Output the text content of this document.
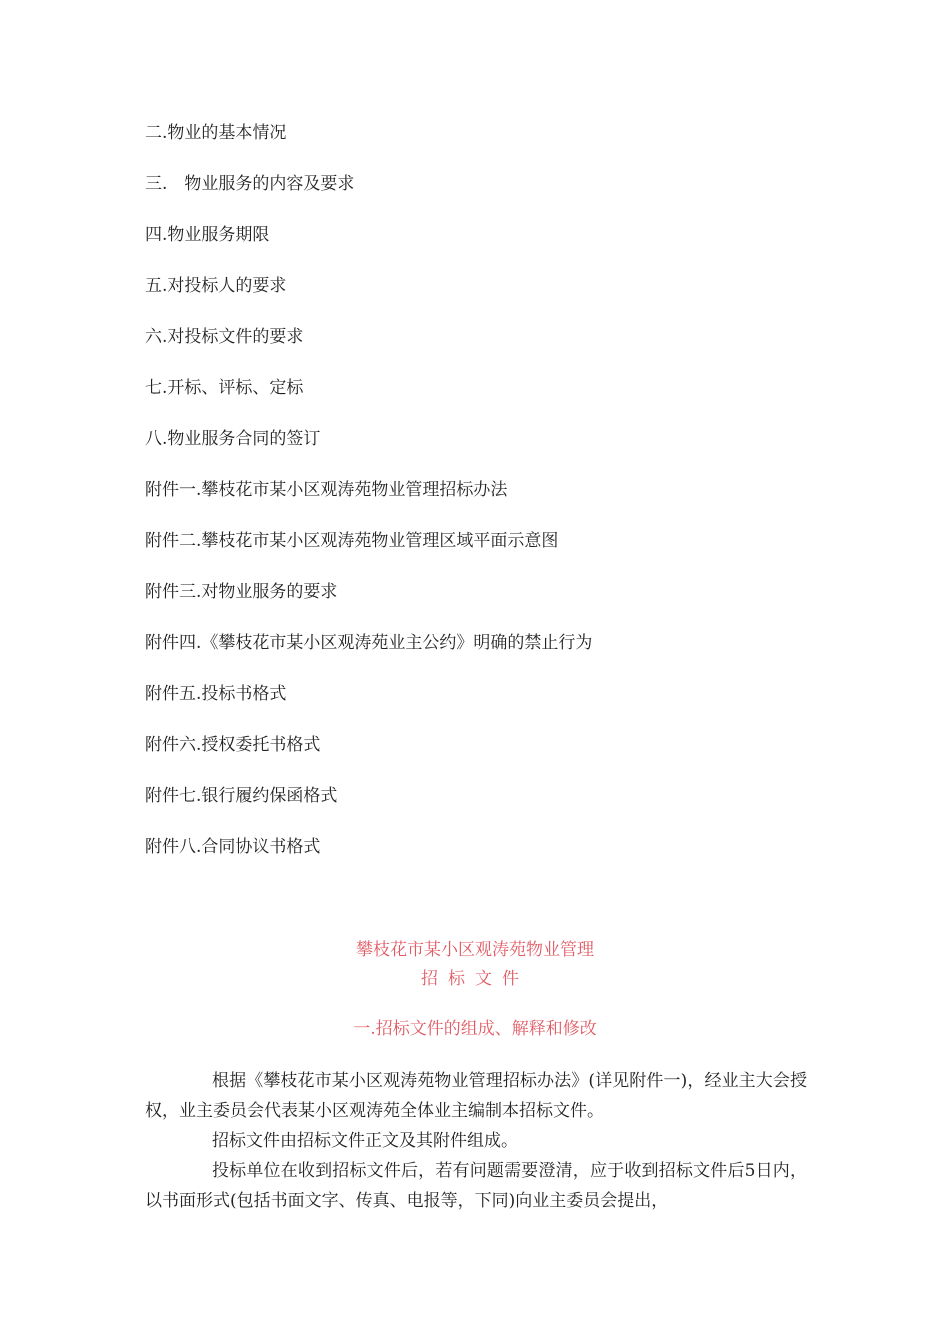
二.物业的基本情况
三.　物业服务的内容及要求
四.物业服务期限
五.对投标人的要求
六.对投标文件的要求
七.开标、评标、定标
八.物业服务合同的签订
附件一.攀枝花市某小区观涛苑物业管理招标办法
附件二.攀枝花市某小区观涛苑物业管理区域平面示意图
附件三.对物业服务的要求
附件四.《攀枝花市某小区观涛苑业主公约》明确的禁止行为
附件五.投标书格式
附件六.授权委托书格式
附件七.银行履约保函格式
附件八.合同协议书格式
攀枝花市某小区观涛苑物业管理
招标文件
一.招标文件的组成、解释和修改

根据《攀枝花市某小区观涛苑物业管理招标办法》(详见附件一)，经业主大会授权，业主委员会代表某小区观涛苑全体业主编制本招标文件。

招标文件由招标文件正文及其附件组成。

投标单位在收到招标文件后，若有问题需要澄清，应于收到招标文件后5日内，以书面形式(包括书面文字、传真、电报等，下同)向业主委员会提出，
